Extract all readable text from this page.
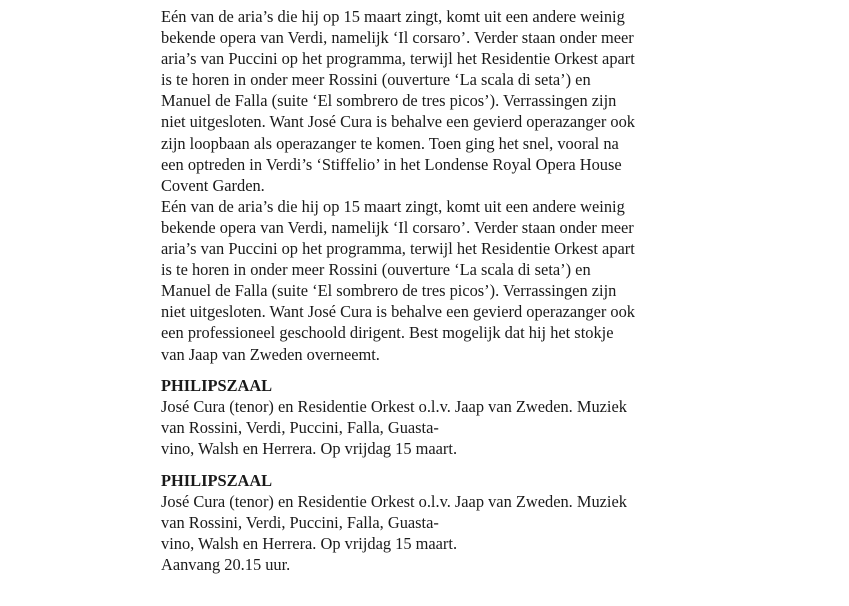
Eén van de aria’s die hij op 15 maart zingt, komt uit een andere weinig
bekende opera van Verdi, namelijk ‘Il corsaro’. Verder staan onder meer
aria’s van Puccini op het programma, terwijl het Residentie Orkest apart
is te horen in onder meer Rossini (ouverture ‘La scala di seta’) en
Manuel de Falla (suite ‘El sombrero de tres picos’). Verrassingen zijn
niet uitgesloten. Want José Cura is behalve een gevierd operazanger ook
zijn loopbaan als operazanger te komen. Toen ging het snel, vooral na
een optreden in Verdi’s ‘Stiffelio’ in het Londense Royal Opera House
Covent Garden.
Eén van de aria’s die hij op 15 maart zingt, komt uit een andere weinig
bekende opera van Verdi, namelijk ‘Il corsaro’. Verder staan onder meer
aria’s van Puccini op het programma, terwijl het Residentie Orkest apart
is te horen in onder meer Rossini (ouverture ‘La scala di seta’) en
Manuel de Falla (suite ‘El sombrero de tres picos’). Verrassingen zijn
niet uitgesloten. Want José Cura is behalve een gevierd operazanger ook
een professioneel geschoold dirigent. Best mogelijk dat hij het stokje
van Jaap van Zweden overneemt.
PHILIPSZAAL
José Cura (tenor) en Residentie Orkest o.l.v. Jaap van Zweden. Muziek
van Rossini, Verdi, Puccini, Falla, Guasta-
vino, Walsh en Herrera. Op vrijdag 15 maart.
PHILIPSZAAL
José Cura (tenor) en Residentie Orkest o.l.v. Jaap van Zweden. Muziek
van Rossini, Verdi, Puccini, Falla, Guasta-
vino, Walsh en Herrera. Op vrijdag 15 maart.
Aanvang 20.15 uur.
